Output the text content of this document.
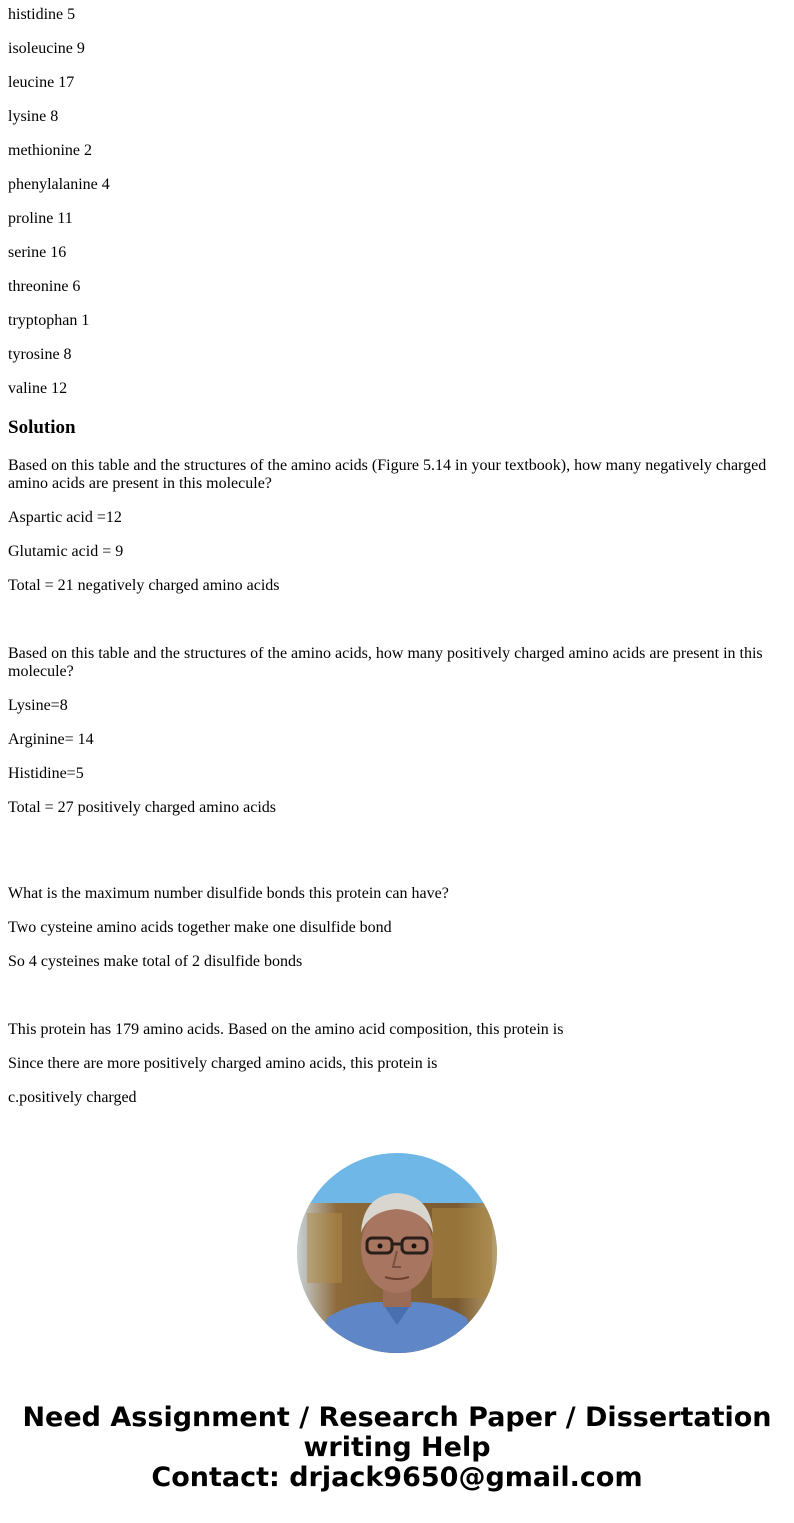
histidine 5

isoleucine 9

leucine 17

lysine 8

methionine 2

phenylalanine 4

proline 11

serine 16

threonine 6

tryptophan 1

tyrosine 8

valine 12

Solution

Based on this table and the structures of the amino acids (Figure 5.14 in your textbook), how many negatively charged amino acids are present in this molecule?

Aspartic acid =12

Glutamic acid = 9

Total = 21 negatively charged amino acids

Based on this table and the structures of the amino acids, how many positively charged amino acids are present in this molecule?

Lysine=8

Arginine= 14

Histidine=5

Total = 27 positively charged amino acids

What is the maximum number disulfide bonds this protein can have?

Two cysteine amino acids together make one disulfide bond

So 4 cysteines make total of 2 disulfide bonds

This protein has 179 amino acids. Based on the amino acid composition, this protein is

Since there are more positively charged amino acids, this protein is

c.positively charged

Need Assignment / Research Paper / Dissertation
writing Help
Contact: drjack9650@gmail.com
